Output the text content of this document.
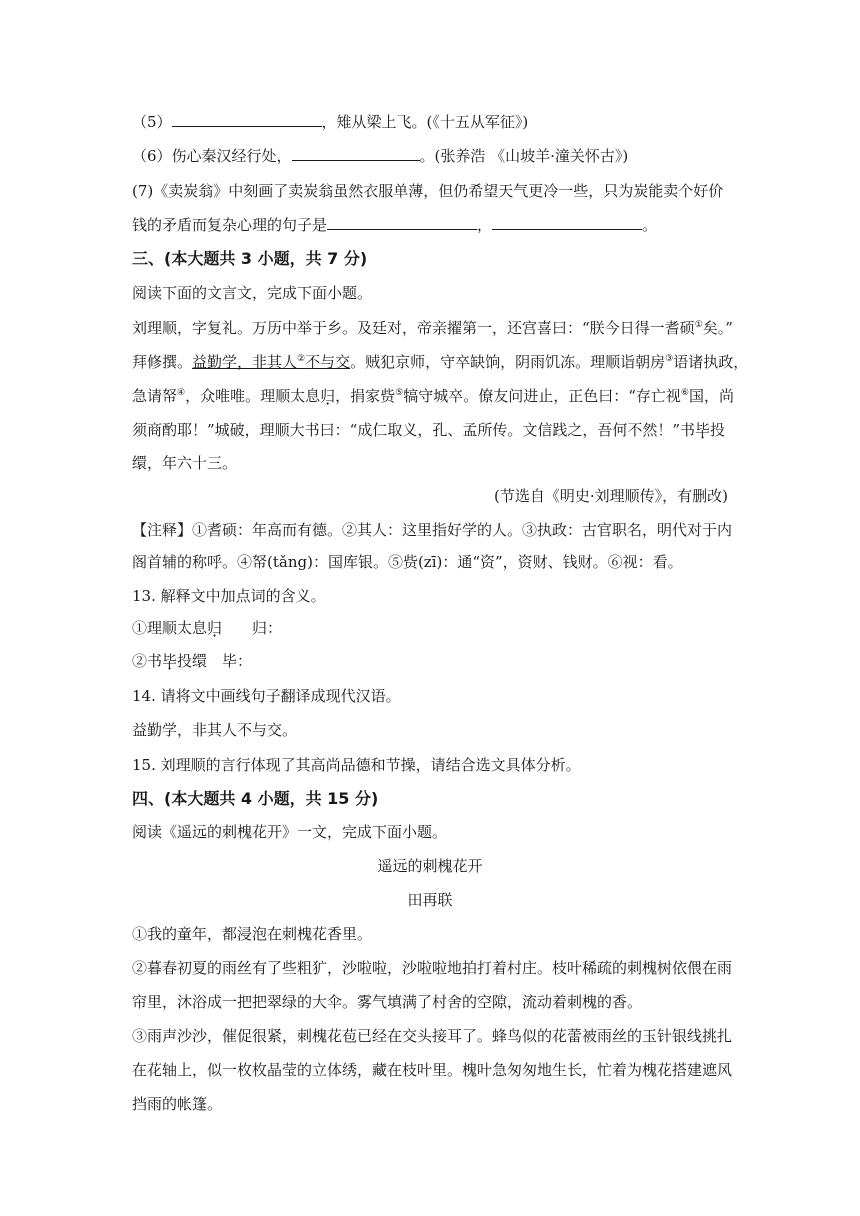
（5）	，雉从梁上飞。(《十五从军征》)
（6）伤心秦汉经行处，	。(张养浩 《山坡羊·潼关怀古》)
(7)《卖炭翁》中刻画了卖炭翁虽然衣服单薄，但仍希望天气更冷一些，只为炭能卖个好价
钱的矛盾而复杂心理的句子是	，	。
三、(本大题共 3 小题，共 7 分)
阅读下面的文言文，完成下面小题。
刘理顺，字复礼。万历中举于乡。及廷对，帝亲擢第一，还宫喜曰：“朕今日得一耆硕①矣。”
拜修撰。益勤学，非其人②不与交。贼犯京师，守卒缺饷，阴雨饥冻。理顺诣朝房③语诸执政，
急请帑④，众唯唯。理顺太息归，捐家赀⑤犒守城卒。僚友问进止，正色曰：“存亡视⑥国，尚
须商酌耶！”城破，理顺大书曰：“成仁取义，孔、孟所传。文信践之，吾何不然！”书毕投
缳，年六十三。
(节选自《明史·刘理顺传》，有删改)
【注释】①耆硕：年高而有德。②其人：这里指好学的人。③执政：古官职名，明代对于内
阁首辅的称呼。④帑(tǎng)：国库银。⑤赀(zī)：通“资”，资财、钱财。⑥视：看。
13. 解释文中加点词的含义。
①理顺太息归　　归：
②书毕投缳　毕：
14. 请将文中画线句子翻译成现代汉语。
益勤学，非其人不与交。
15. 刘理顺的言行体现了其高尚品德和节操，请结合选文具体分析。
四、(本大题共 4 小题，共 15 分)
阅读《遥远的刺槐花开》一文，完成下面小题。
遥远的刺槐花开
田再联
①我的童年，都浸泡在刺槐花香里。
②暮春初夏的雨丝有了些粗犷，沙啦啦，沙啦啦地拍打着村庄。枝叶稀疏的刺槐树依偎在雨
帘里，沐浴成一把把翠绿的大伞。雾气填满了村舍的空隙，流动着刺槐的香。
③雨声沙沙，催促很紧，刺槐花苞已经在交头接耳了。蜂鸟似的花蕾被雨丝的玉针银线挑扎
在花轴上，似一枚枚晶莹的立体绣，藏在枝叶里。槐叶急匆匆地生长，忙着为槐花搭建遮风
挡雨的帐篷。
